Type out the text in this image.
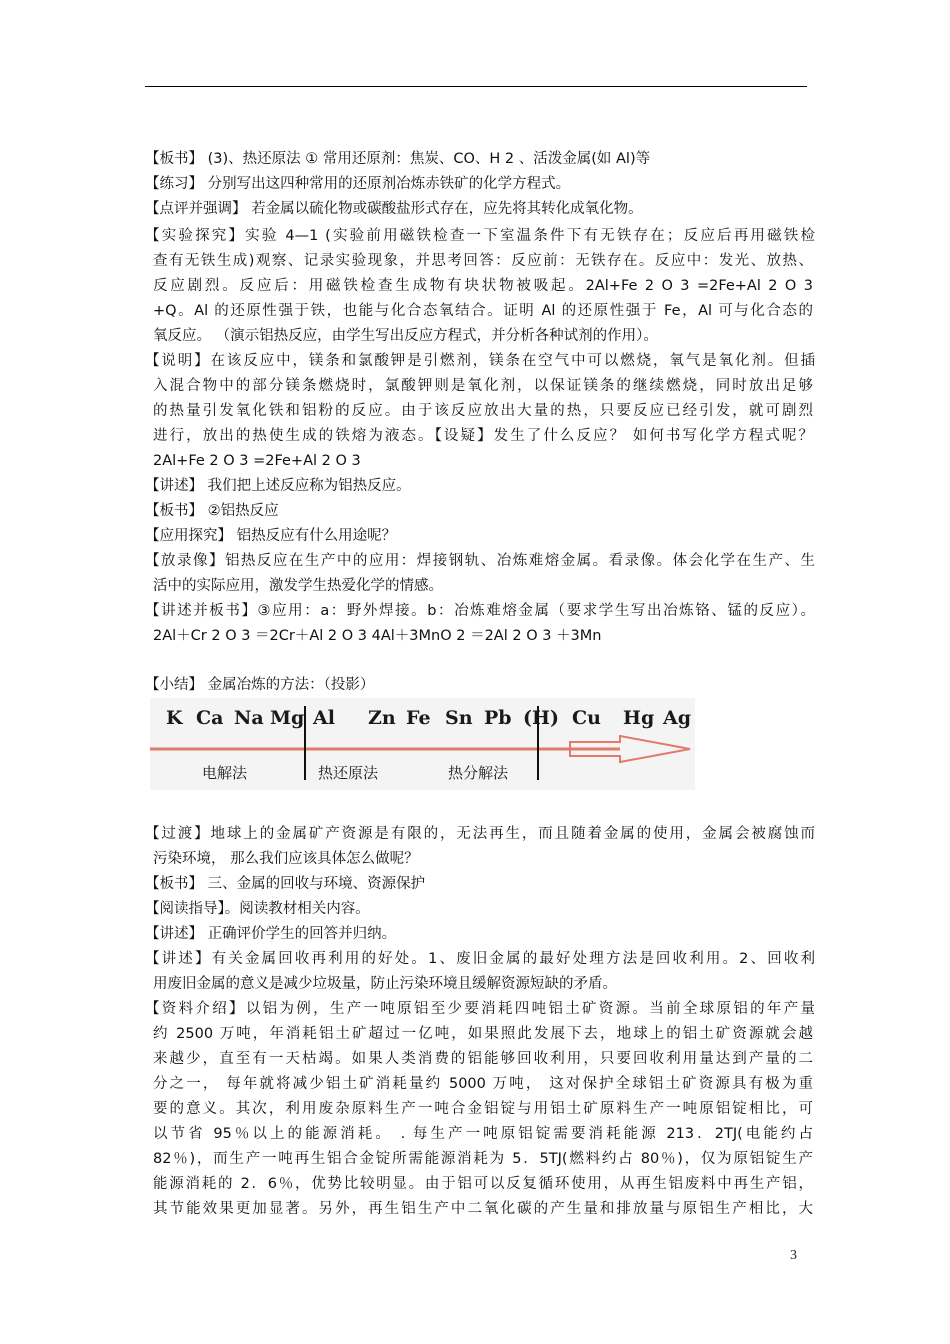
【板书】 (3)、热还原法 ① 常用还原剂：焦炭、CO、H 2 、活泼金属(如 Al)等
【练习】 分别写出这四种常用的还原剂冶炼赤铁矿的化学方程式。
【点评并强调】 若金属以硫化物或碳酸盐形式存在，应先将其转化成氧化物。
【实验探究】实验 4—1 (实验前用磁铁检查一下室温条件下有无铁存在；反应后再用磁铁检
查有无铁生成)观察、记录实验现象，并思考回答：反应前：无铁存在。反应中：发光、放热、
反应剧烈。反应后：用磁铁检查生成物有块状物被吸起。2Al+Fe 2 O 3 =2Fe+Al 2 O 3
+Q。Al 的还原性强于铁，也能与化合态氧结合。证明 Al 的还原性强于 Fe，Al 可与化合态的
氧反应。 （演示铝热反应，由学生写出反应方程式，并分析各种试剂的作用）。
【说明】在该反应中，镁条和氯酸钾是引燃剂，镁条在空气中可以燃烧，氧气是氧化剂。但插
入混合物中的部分镁条燃烧时，氯酸钾则是氧化剂，以保证镁条的继续燃烧，同时放出足够
的热量引发氧化铁和铝粉的反应。由于该反应放出大量的热，只要反应已经引发，就可剧烈
进行，放出的热使生成的铁熔为液态。【设疑】发生了什么反应？ 如何书写化学方程式呢？
2Al+Fe 2 O 3 =2Fe+Al 2 O 3
【讲述】 我们把上述反应称为铝热反应。
【板书】 ②铝热反应
【应用探究】 铝热反应有什么用途呢？
【放录像】铝热反应在生产中的应用：焊接钢轨、冶炼难熔金属。看录像。体会化学在生产、生
活中的实际应用，激发学生热爱化学的情感。
【讲述并板书】③应用：a：野外焊接。b：冶炼难熔金属（要求学生写出冶炼铬、锰的反应）。
2Al＋Cr 2 O 3 ＝2Cr＋Al 2 O 3 4Al＋3MnO 2 ＝2Al 2 O 3 ＋3Mn
【小结】 金属冶炼的方法：（投影）
K Ca Na Mg Al Zn Fe Sn Pb (H) Cu Hg Ag
电解法	热还原法	热分解法
【过渡】地球上的金属矿产资源是有限的，无法再生，而且随着金属的使用，金属会被腐蚀而
污染环境， 那么我们应该具体怎么做呢？
【板书】 三、金属的回收与环境、资源保护
【阅读指导】。阅读教材相关内容。
【讲述】 正确评价学生的回答并归纳。
【讲述】有关金属回收再利用的好处。1、废旧金属的最好处理方法是回收利用。2、回收利
用废旧金属的意义是减少垃圾量，防止污染环境且缓解资源短缺的矛盾。
【资料介绍】以铝为例，生产一吨原铝至少要消耗四吨铝土矿资源。当前全球原铝的年产量
约 2500 万吨，年消耗铝土矿超过一亿吨，如果照此发展下去，地球上的铝土矿资源就会越
来越少，直至有一天枯竭。如果人类消费的铝能够回收利用，只要回收利用量达到产量的二
分之一， 每年就将减少铝土矿消耗量约 5000 万吨， 这对保护全球铝土矿资源具有极为重
要的意义。其次，利用废杂原料生产一吨合金铝锭与用铝土矿原料生产一吨原铝锭相比，可
以节省 95％以上的能源消耗。 . 每生产一吨原铝锭需要消耗能源 213．2TJ(电能约占
82％)，而生产一吨再生铝合金锭所需能源消耗为 5．5TJ(燃料约占 80％)，仅为原铝锭生产
能源消耗的 2．6％，优势比较明显。由于铝可以反复循环使用，从再生铝废料中再生产铝，
其节能效果更加显著。另外，再生铝生产中二氧化碳的产生量和排放量与原铝生产相比，大
3
